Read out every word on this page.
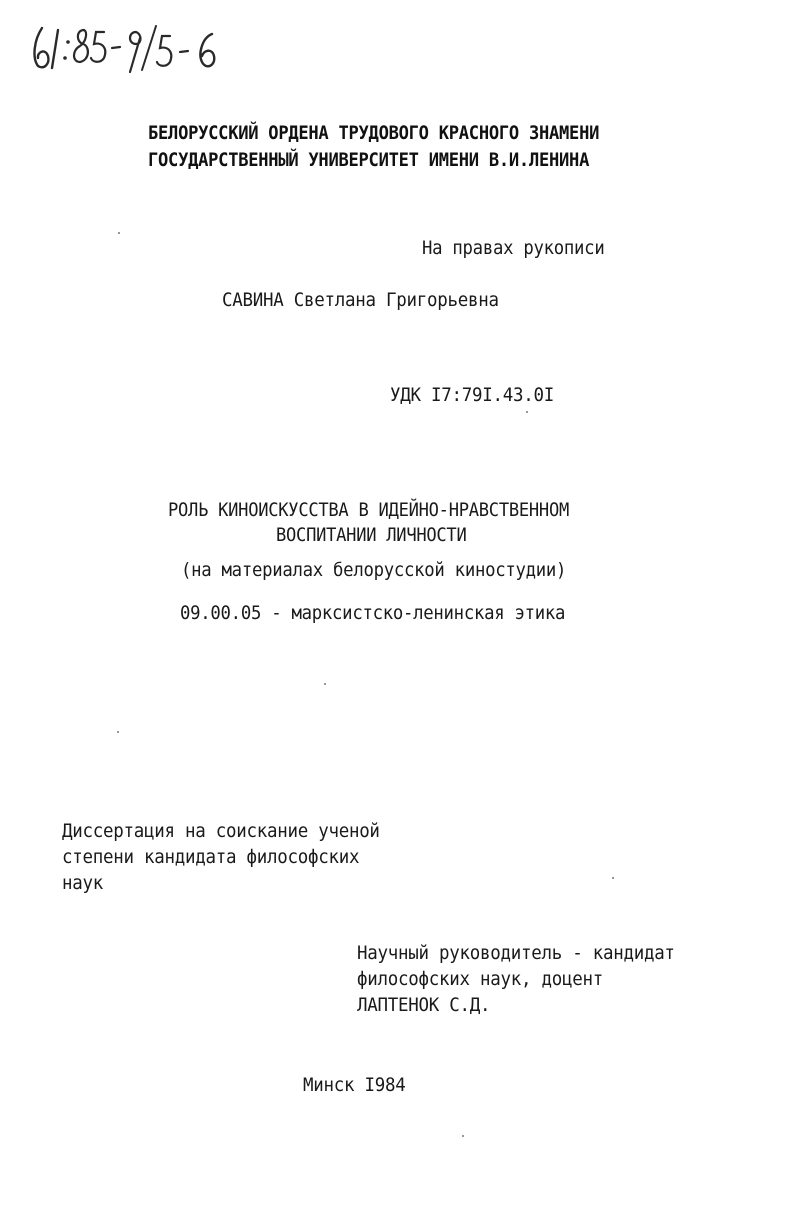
БЕЛОРУССКИЙ ОРДЕНА ТРУДОВОГО КРАСНОГО ЗНАМЕНИ
ГОСУДАРСТВЕННЫЙ УНИВЕРСИТЕТ ИМЕНИ В.И.ЛЕНИНА
На правах рукописи
САВИНА Светлана Григорьевна
УДК I7:79I.43.0I
РОЛЬ КИНОИСКУССТВА В ИДЕЙНО-НРАВСТВЕННОМ
ВОСПИТАНИИ ЛИЧНОСТИ
(на материалах белорусской киностудии)
09.00.05 - марксистско-ленинская этика
Диссертация на соискание ученой
степени кандидата философских
наук
Научный руководитель - кандидат
философских наук, доцент
ЛАПТЕНОК С.Д.
Минск I984
